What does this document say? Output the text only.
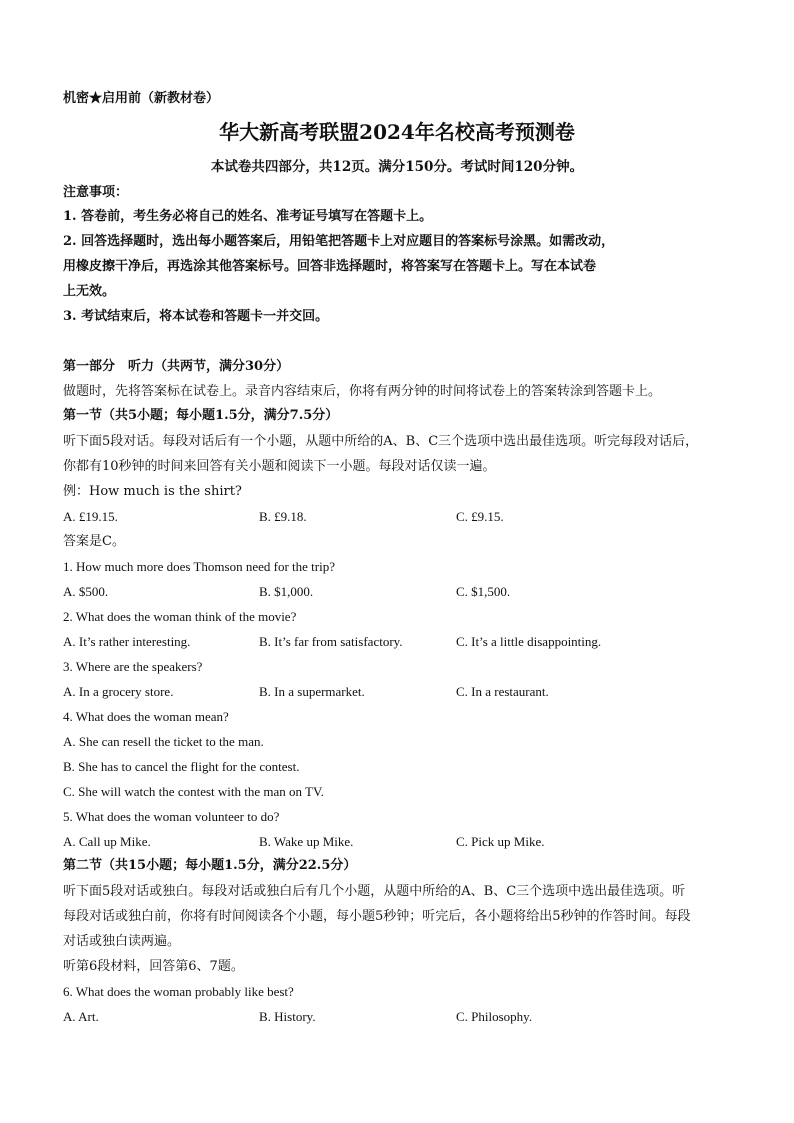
机密★启用前（新教材卷）
华大新高考联盟2024年名校高考预测卷
本试卷共四部分，共12页。满分150分。考试时间120分钟。
注意事项：
1. 答卷前，考生务必将自己的姓名、准考证号填写在答题卡上。
2. 回答选择题时，选出每小题答案后，用铅笔把答题卡上对应题目的答案标号涂黑。如需改动，
用橡皮擦干净后，再选涂其他答案标号。回答非选择题时，将答案写在答题卡上。写在本试卷
上无效。
3. 考试结束后，将本试卷和答题卡一并交回。
第一部分　听力（共两节，满分30分）
做题时，先将答案标在试卷上。录音内容结束后，你将有两分钟的时间将试卷上的答案转涂到答题卡上。
第一节（共5小题；每小题1.5分，满分7.5分）
听下面5段对话。每段对话后有一个小题，从题中所给的A、B、C三个选项中选出最佳选项。听完每段对话后，
你都有10秒钟的时间来回答有关小题和阅读下一小题。每段对话仅读一遍。
例：How much is the shirt?
A. £19.15.	B. £9.18.	C. £9.15.
答案是C。
1. How much more does Thomson need for the trip?
A. $500.	B. $1,000.	C. $1,500.
2. What does the woman think of the movie?
A. It’s rather interesting.	B. It’s far from satisfactory.	C. It’s a little disappointing.
3. Where are the speakers?
A. In a grocery store.	B. In a supermarket.	C. In a restaurant.
4. What does the woman mean?
A. She can resell the ticket to the man.
B. She has to cancel the flight for the contest.
C. She will watch the contest with the man on TV.
5. What does the woman volunteer to do?
A. Call up Mike.	B. Wake up Mike.	C. Pick up Mike.
第二节（共15小题；每小题1.5分，满分22.5分）
听下面5段对话或独白。每段对话或独白后有几个小题，从题中所给的A、B、C三个选项中选出最佳选项。听
每段对话或独白前，你将有时间阅读各个小题，每小题5秒钟；听完后，各小题将给出5秒钟的作答时间。每段
对话或独白读两遍。
听第6段材料，回答第6、7题。
6. What does the woman probably like best?
A. Art.	B. History.	C. Philosophy.
